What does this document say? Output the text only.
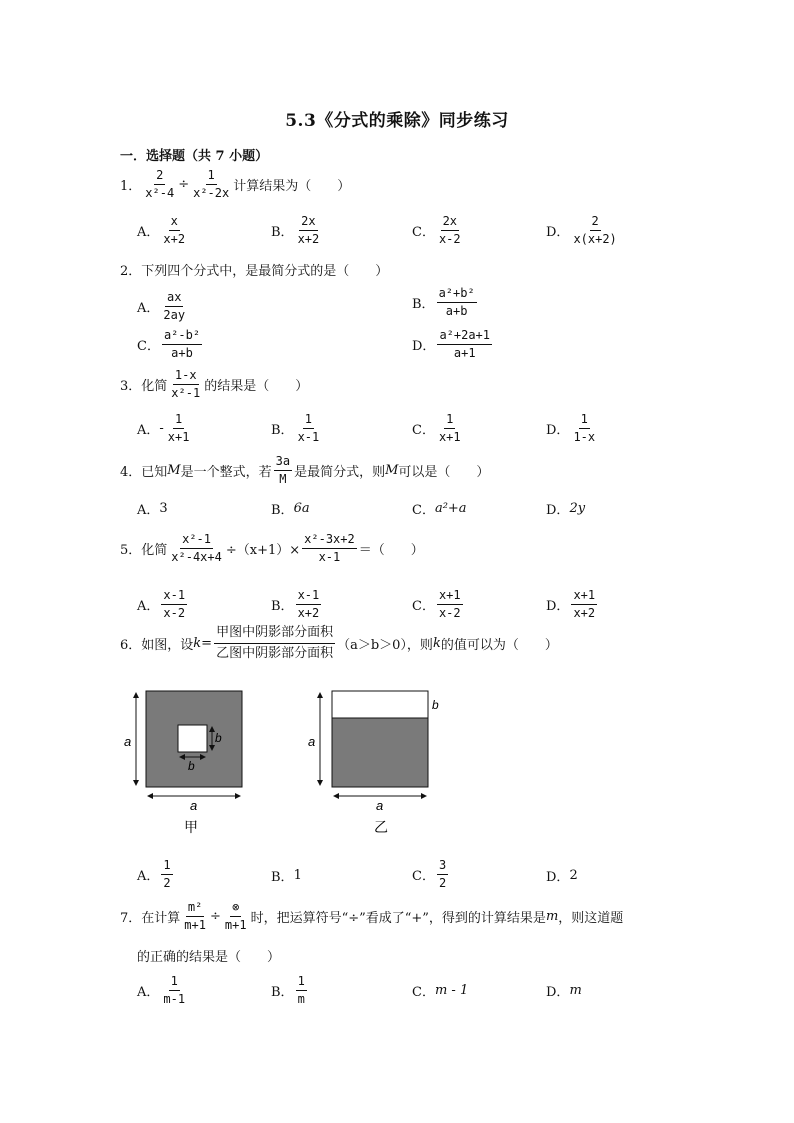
5.3《分式的乘除》同步练习
一．选择题（共 7 小题）
1． $\frac{2}{\text{x²-4}} \div \frac{1}{\text{x²-2x}}$ 计算结果为（　　）
A． $\frac{x}{x+2}$	B． $\frac{2x}{x+2}$	C． $\frac{2x}{x-2}$	D． $\frac{2}{x(x+2)}$
2．下列四个分式中，是最简分式的是（　　）
A． $\frac{ax}{2ay}$	B． $\frac{\text{a²+b²}}{a+b}$
C． $\frac{\text{a²-b²}}{a+b}$	D． $\frac{\text{a²+2a+1}}{a+1}$
3．化简 $\frac{1-x}{\text{x²-1}}$ 的结果是（　　）
A． - $\frac{1}{x+1}$	B． $\frac{1}{x-1}$	C． $\frac{1}{x+1}$	D． $\frac{1}{1-x}$
4．已知 M 是一个整式，若 $\frac{3a}{M}$ 是最简分式，则 M 可以是（　　）
A． 3	B． 6a	C． a²+a	D． 2y
5．化简 $\frac{\text{x²-1}}{\text{x²-4x+4}} \div(x+1)\times \frac{\text{x²-3x+2}}{x-1}$ ＝（　　）
A． $\frac{x-1}{x-2}$	B． $\frac{x-1}{x+2}$	C． $\frac{x+1}{x-2}$	D． $\frac{x+1}{x+2}$
6．如图，设 $k = \frac{\text{甲图中阴影部分面积}}{\text{乙图中阴影部分面积}} (a>b>0)$，则 k 的值可以为（　　）
a
a
b
b
甲
a
a
b
乙
A． $\frac{1}{2}$	B． 1	C． $\frac{3}{2}$	D． 2
7．在计算 $\frac{\text{m²}}{m+1} \div \frac{\otimes}{m+1}$ 时，把运算符号“÷”看成了“+”，得到的计算结果是 m ，则这道题
的正确的结果是（　　）
A． $\frac{1}{m-1}$	B． $\frac{1}{m}$	C． m - 1	D． m
